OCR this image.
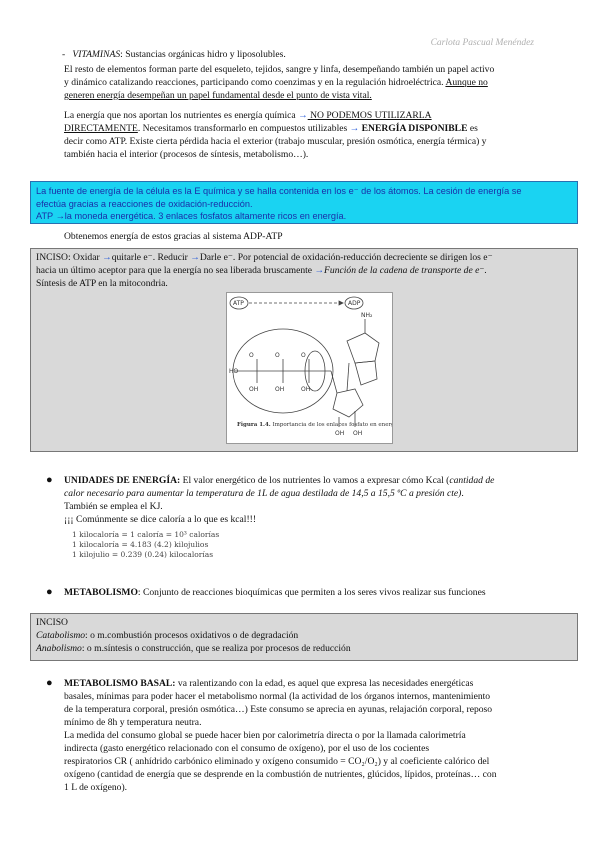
Carlota Pascual Menéndez
-   VITAMINAS: Sustancias orgánicas hidro y liposolubles.
El resto de elementos forman parte del esqueleto, tejidos, sangre y linfa, desempeñando también un papel activo
y dinámico catalizando reacciones, participando como coenzimas y en la regulación hidroeléctrica. Aunque no
generen energía desempeñan un papel fundamental desde el punto de vista vital.
La energía que nos aportan los nutrientes es energía química → NO PODEMOS UTILIZARLA
DIRECTAMENTE. Necesitamos transformarlo en compuestos utilizables → ENERGÍA DISPONIBLE es
decir como ATP. Existe cierta pérdida hacia el exterior (trabajo muscular, presión osmótica, energía térmica) y
también hacia el interior (procesos de síntesis, metabolismo…).
La fuente de energía de la célula es la E química y se halla contenida en los e⁻ de los átomos. La cesión de energía se
efectúa gracias a reacciones de oxidación-reducción.
ATP →la moneda energética. 3 enlaces fosfatos altamente ricos en energía.
Obtenemos energía de estos gracias al sistema ADP-ATP
INCISO: Oxidar →quitarle e⁻. Reducir →Darle e⁻. Por potencial de oxidación-reducción decreciente se dirigen los e⁻
hacia un último aceptor para que la energía no sea liberada bruscamente →Función de la cadena de transporte de e⁻.
Síntesis de ATP en la mitocondria.
ATP	ADP
NH₂
HO
O	O	O
OH	OH	OH
OH OH
Figura 1.4. Importancia de los enlaces fosfato en energía.
● UNIDADES DE ENERGÍA: El valor energético de los nutrientes lo vamos a expresar cómo Kcal (cantidad de
calor necesario para aumentar la temperatura de 1L de agua destilada de 14,5 a 15,5 ºC a presión cte).
También se emplea el KJ.
¡¡¡ Comúnmente se dice caloría a lo que es kcal!!!
1 kilocaloría = 1 caloría = 10³ calorías
1 kilocaloría = 4.183 (4.2) kilojulios
1 kilojulio = 0.239 (0.24) kilocalorías
● METABOLISMO: Conjunto de reacciones bioquímicas que permiten a los seres vivos realizar sus funciones
INCISO
Catabolismo: o m.combustión procesos oxidativos o de degradación
Anabolismo: o m.síntesis o construcción, que se realiza por procesos de reducción
● METABOLISMO BASAL: va ralentizando con la edad, es aquel que expresa las necesidades energéticas
basales, mínimas para poder hacer el metabolismo normal (la actividad de los órganos internos, mantenimiento
de la temperatura corporal, presión osmótica…) Este consumo se aprecia en ayunas, relajación corporal, reposo
mínimo de 8h y temperatura neutra.
La medida del consumo global se puede hacer bien por calorimetría directa o por la llamada calorimetría
indirecta (gasto energético relacionado con el consumo de oxígeno), por el uso de los cocientes
respiratorios CR ( anhídrido carbónico eliminado y oxígeno consumido = CO₂/O₂) y al coeficiente calórico del
oxígeno (cantidad de energía que se desprende en la combustión de nutrientes, glúcidos, lípidos, proteínas… con
1 L de oxígeno).
